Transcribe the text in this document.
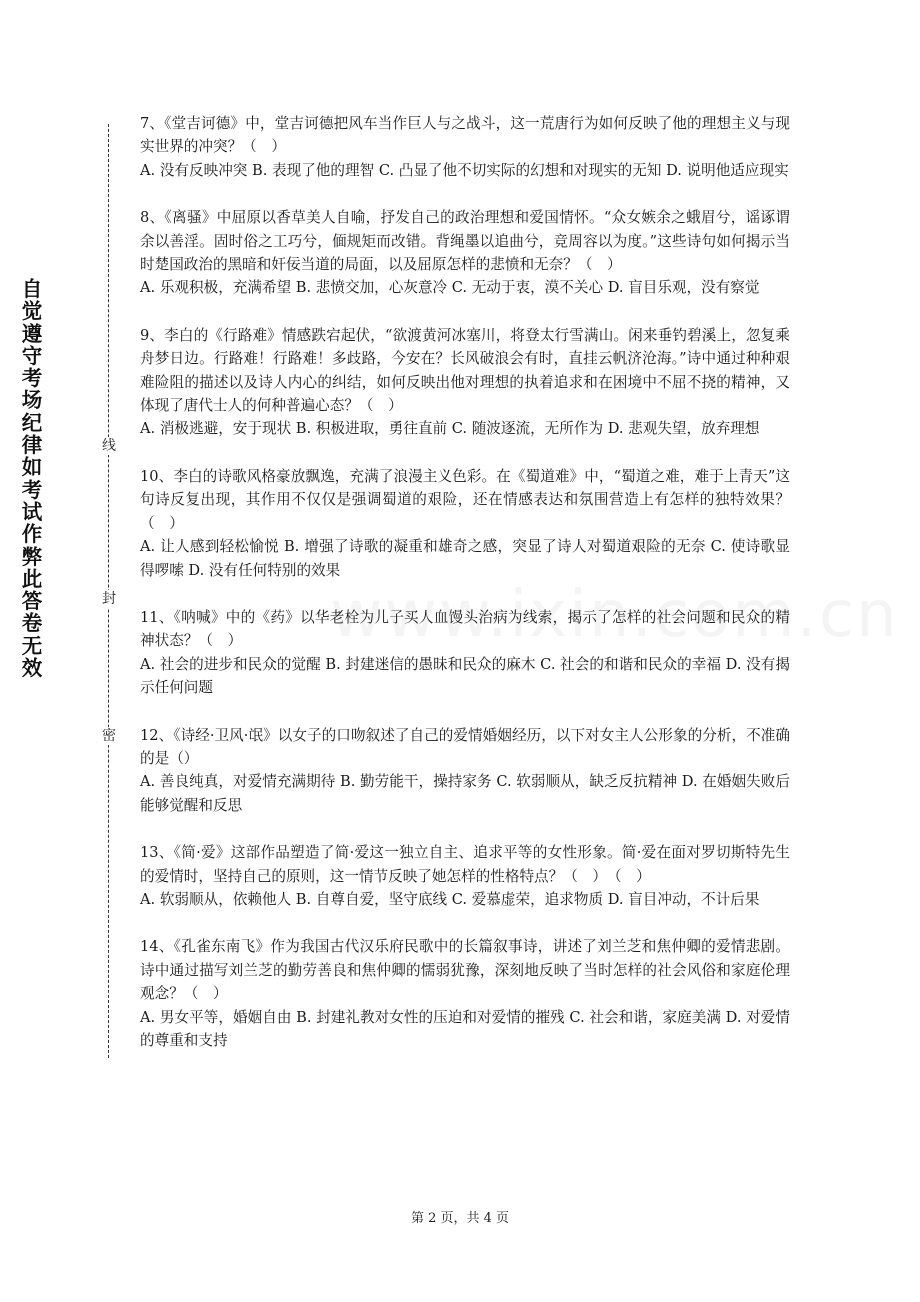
自觉遵守考场纪律如考试作弊此答卷无效
线
封
密

7、《堂吉诃德》中，堂吉诃德把风车当作巨人与之战斗，这一荒唐行为如何反映了他的理想主义与现实世界的冲突？（　）

A. 没有反映冲突 B. 表现了他的理智 C. 凸显了他不切实际的幻想和对现实的无知 D. 说明他适应现实

8、《离骚》中屈原以香草美人自喻，抒发自己的政治理想和爱国情怀。“众女嫉余之蛾眉兮，谣诼谓余以善淫。固时俗之工巧兮，偭规矩而改错。背绳墨以追曲兮，竞周容以为度。”这些诗句如何揭示当时楚国政治的黑暗和奸佞当道的局面，以及屈原怎样的悲愤和无奈？（　）

A. 乐观积极，充满希望 B. 悲愤交加，心灰意冷 C. 无动于衷，漠不关心 D. 盲目乐观，没有察觉

9、李白的《行路难》情感跌宕起伏，“欲渡黄河冰塞川，将登太行雪满山。闲来垂钓碧溪上，忽复乘舟梦日边。行路难！行路难！多歧路，今安在？长风破浪会有时，直挂云帆济沧海。”诗中通过种种艰难险阻的描述以及诗人内心的纠结，如何反映出他对理想的执着追求和在困境中不屈不挠的精神，又体现了唐代士人的何种普遍心态？（　）

A. 消极逃避，安于现状 B. 积极进取，勇往直前 C. 随波逐流，无所作为 D. 悲观失望，放弃理想

10、李白的诗歌风格豪放飘逸，充满了浪漫主义色彩。在《蜀道难》中，“蜀道之难，难于上青天”这句诗反复出现，其作用不仅仅是强调蜀道的艰险，还在情感表达和氛围营造上有怎样的独特效果？（　）

A. 让人感到轻松愉悦 B. 增强了诗歌的凝重和雄奇之感，突显了诗人对蜀道艰险的无奈 C. 使诗歌显得啰嗦 D. 没有任何特别的效果

11、《呐喊》中的《药》以华老栓为儿子买人血馒头治病为线索，揭示了怎样的社会问题和民众的精神状态？（　）

A. 社会的进步和民众的觉醒 B. 封建迷信的愚昧和民众的麻木 C. 社会的和谐和民众的幸福 D. 没有揭示任何问题

12、《诗经·卫风·氓》以女子的口吻叙述了自己的爱情婚姻经历，以下对女主人公形象的分析，不准确的是（）

A. 善良纯真，对爱情充满期待 B. 勤劳能干，操持家务 C. 软弱顺从，缺乏反抗精神 D. 在婚姻失败后能够觉醒和反思

13、《简·爱》这部作品塑造了简·爱这一独立自主、追求平等的女性形象。简·爱在面对罗切斯特先生的爱情时，坚持自己的原则，这一情节反映了她怎样的性格特点？（　）　（　）

A. 软弱顺从，依赖他人 B. 自尊自爱，坚守底线 C. 爱慕虚荣，追求物质 D. 盲目冲动，不计后果

14、《孔雀东南飞》作为我国古代汉乐府民歌中的长篇叙事诗，讲述了刘兰芝和焦仲卿的爱情悲剧。诗中通过描写刘兰芝的勤劳善良和焦仲卿的懦弱犹豫，深刻地反映了当时怎样的社会风俗和家庭伦理观念？（　）

A. 男女平等，婚姻自由 B. 封建礼教对女性的压迫和对爱情的摧残 C. 社会和谐，家庭美满 D. 对爱情的尊重和支持

第 2 页，共 4 页
